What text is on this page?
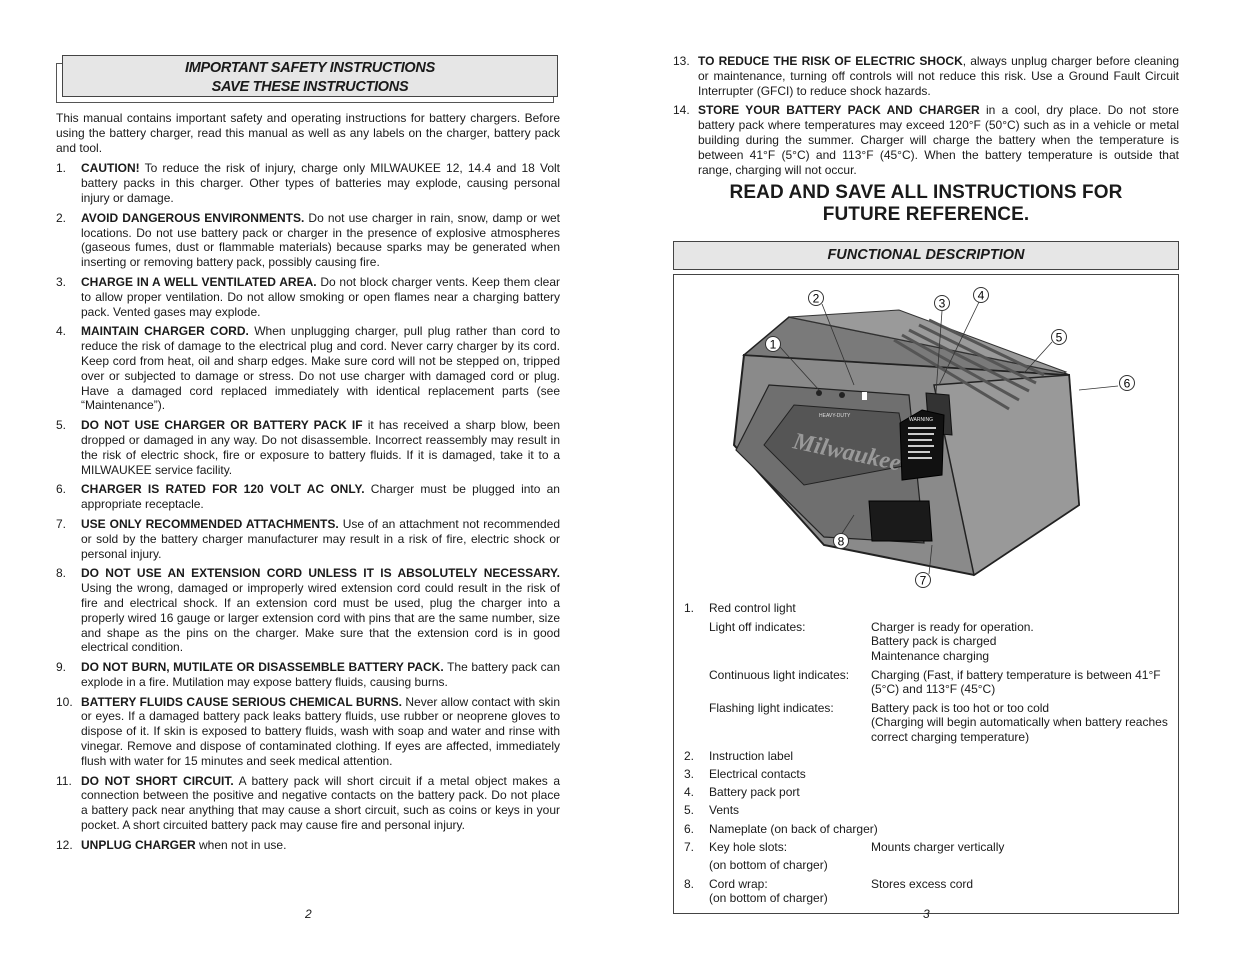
IMPORTANT SAFETY INSTRUCTIONS
SAVE THESE INSTRUCTIONS
This manual contains important safety and operating instructions for battery chargers. Before using the battery charger, read this manual as well as any labels on the charger, battery pack and tool.
1. CAUTION! To reduce the risk of injury, charge only MILWAUKEE 12, 14.4 and 18 Volt battery packs in this charger. Other types of batteries may explode, causing personal injury or damage.
2. AVOID DANGEROUS ENVIRONMENTS. Do not use charger in rain, snow, damp or wet locations. Do not use battery pack or charger in the presence of explosive atmospheres (gaseous fumes, dust or flammable materials) because sparks may be generated when inserting or removing battery pack, possibly causing fire.
3. CHARGE IN A WELL VENTILATED AREA. Do not block charger vents. Keep them clear to allow proper ventilation. Do not allow smoking or open flames near a charging battery pack. Vented gases may explode.
4. MAINTAIN CHARGER CORD. When unplugging charger, pull plug rather than cord to reduce the risk of damage to the electrical plug and cord. Never carry charger by its cord. Keep cord from heat, oil and sharp edges. Make sure cord will not be stepped on, tripped over or subjected to damage or stress. Do not use charger with damaged cord or plug. Have a damaged cord replaced immediately with identical replacement parts (see “Maintenance”).
5. DO NOT USE CHARGER OR BATTERY PACK IF it has received a sharp blow, been dropped or damaged in any way. Do not disassemble. Incorrect reassembly may result in the risk of electric shock, fire or exposure to battery fluids. If it is damaged, take it to a MILWAUKEE service facility.
6. CHARGER IS RATED FOR 120 VOLT AC ONLY. Charger must be plugged into an appropriate receptacle.
7. USE ONLY RECOMMENDED ATTACHMENTS. Use of an attachment not recommended or sold by the battery charger manufacturer may result in a risk of fire, electric shock or personal injury.
8. DO NOT USE AN EXTENSION CORD UNLESS IT IS ABSOLUTELY NECESSARY. Using the wrong, damaged or improperly wired extension cord could result in the risk of fire and electrical shock. If an extension cord must be used, plug the charger into a properly wired 16 gauge or larger extension cord with pins that are the same number, size and shape as the pins on the charger. Make sure that the extension cord is in good electrical condition.
9. DO NOT BURN, MUTILATE OR DISASSEMBLE BATTERY PACK. The battery pack can explode in a fire. Mutilation may expose battery fluids, causing burns.
10. BATTERY FLUIDS CAUSE SERIOUS CHEMICAL BURNS. Never allow contact with skin or eyes. If a damaged battery pack leaks battery fluids, use rubber or neoprene gloves to dispose of it. If skin is exposed to battery fluids, wash with soap and water and rinse with vinegar. Remove and dispose of contaminated clothing. If eyes are affected, immediately flush with water for 15 minutes and seek medical attention.
11. DO NOT SHORT CIRCUIT. A battery pack will short circuit if a metal object makes a connection between the positive and negative contacts on the battery pack. Do not place a battery pack near anything that may cause a short circuit, such as coins or keys in your pocket. A short circuited battery pack may cause fire and personal injury.
12. UNPLUG CHARGER when not in use.
2
13. TO REDUCE THE RISK OF ELECTRIC SHOCK, always unplug charger before cleaning or maintenance, turning off controls will not reduce this risk. Use a Ground Fault Circuit Interrupter (GFCI) to reduce shock hazards.
14. STORE YOUR BATTERY PACK AND CHARGER in a cool, dry place. Do not store battery pack where temperatures may exceed 120°F (50°C) such as in a vehicle or metal building during the summer. Charger will charge the battery when the temperature is between 41°F (5°C) and 113°F (45°C). When the battery temperature is outside that range, charging will not occur.
READ AND SAVE ALL INSTRUCTIONS FOR
FUTURE REFERENCE.
FUNCTIONAL DESCRIPTION
Milwaukee
HEAVY-DUTY
WARNING
1
2	3
4
5
6
7
8
1.	Red control light
Light off indicates:	Charger is ready for operation.
Battery pack is charged
Maintenance charging
Continuous light indicates:	Charging (Fast, if battery temperature is between 41°F (5°C) and 113°F (45°C)
Flashing light indicates:	Battery pack is too hot or too cold
(Charging will begin automatically when battery reaches correct charging temperature)
2.	Instruction label
3.	Electrical contacts
4.	Battery pack port
5.	Vents
6.	Nameplate (on back of charger)
7.	Key hole slots:	Mounts charger vertically
(on bottom of charger)
8.	Cord wrap:	Stores excess cord
(on bottom of charger)
3
